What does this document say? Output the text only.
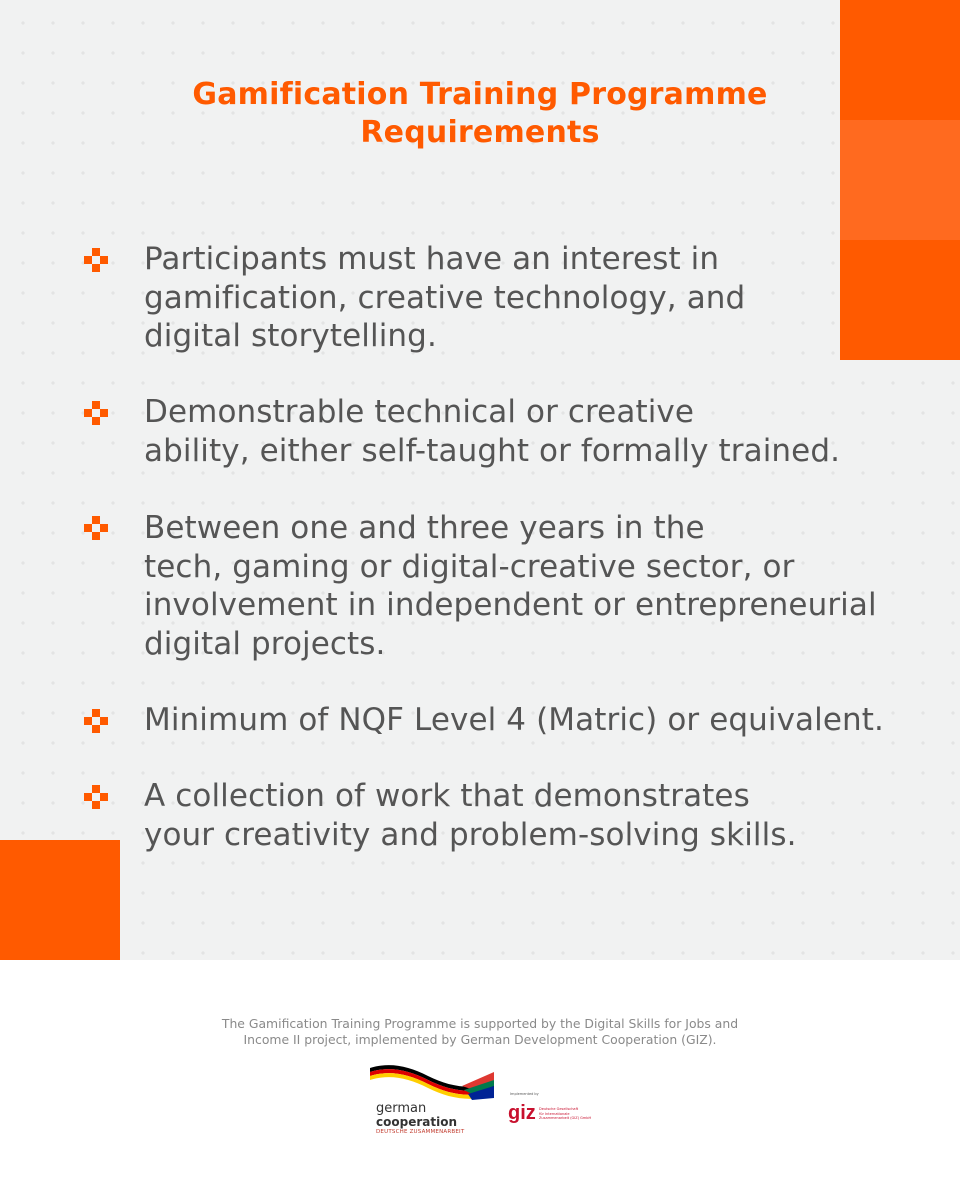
Gamification Training Programme
Requirements
Participants must have an interest in
gamification, creative technology, and
digital storytelling.
Demonstrable technical or creative
ability, either self-taught or formally trained.
Between one and three years in the
tech, gaming or digital-creative sector, or
involvement in independent or entrepreneurial
digital projects.
Minimum of NQF Level 4 (Matric) or equivalent.
A collection of work that demonstrates
your creativity and problem-solving skills.
The Gamification Training Programme is supported by the Digital Skills for Jobs and
Income II project, implemented by German Development Cooperation (GIZ).
german
cooperation
DEUTSCHE ZUSAMMENARBEIT
Implemented by
giz Deutsche Gesellschaft
für Internationale
Zusammenarbeit (GIZ) GmbH
